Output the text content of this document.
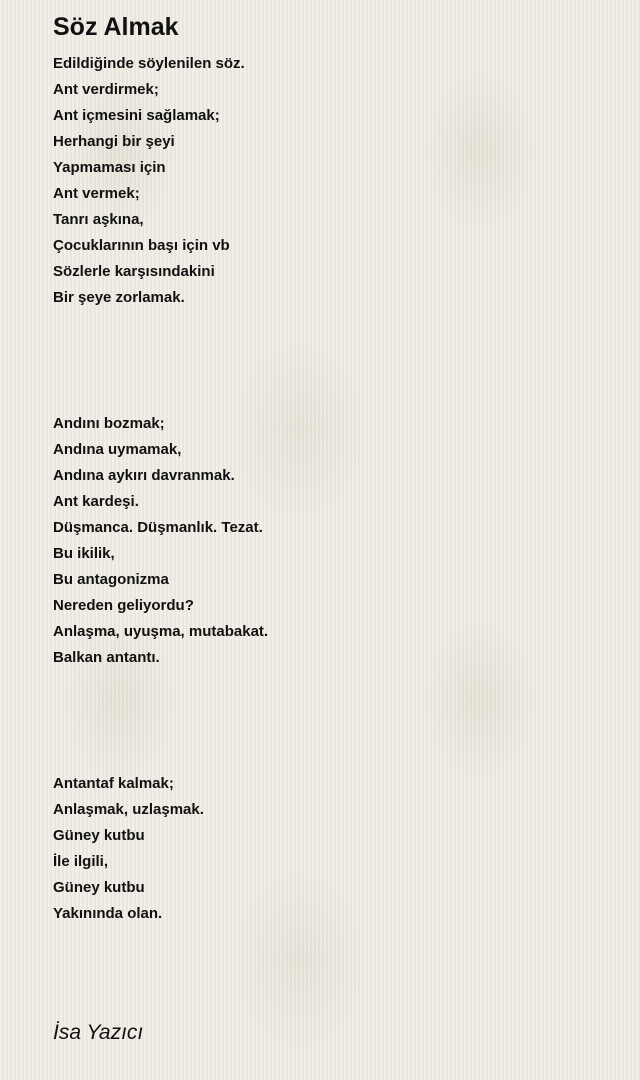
Söz Almak
Edildiğinde söylenilen söz.
Ant verdirmek;
Ant içmesini sağlamak;
Herhangi bir şeyi
Yapmaması için
Ant vermek;
Tanrı aşkına,
Çocuklarının başı için vb
Sözlerle karşısındakini
Bir şeye zorlamak.
Andını bozmak;
Andına uymamak,
Andına aykırı davranmak.
Ant kardeşi.
Düşmanca. Düşmanlık. Tezat.
Bu ikilik,
Bu antagonizma
Nereden geliyordu?
Anlaşma, uyuşma, mutabakat.
Balkan antantı.
Antantaf kalmak;
Anlaşmak, uzlaşmak.
Güney kutbu
İle ilgili,
Güney kutbu
Yakınında olan.

İsa Yazıcı
